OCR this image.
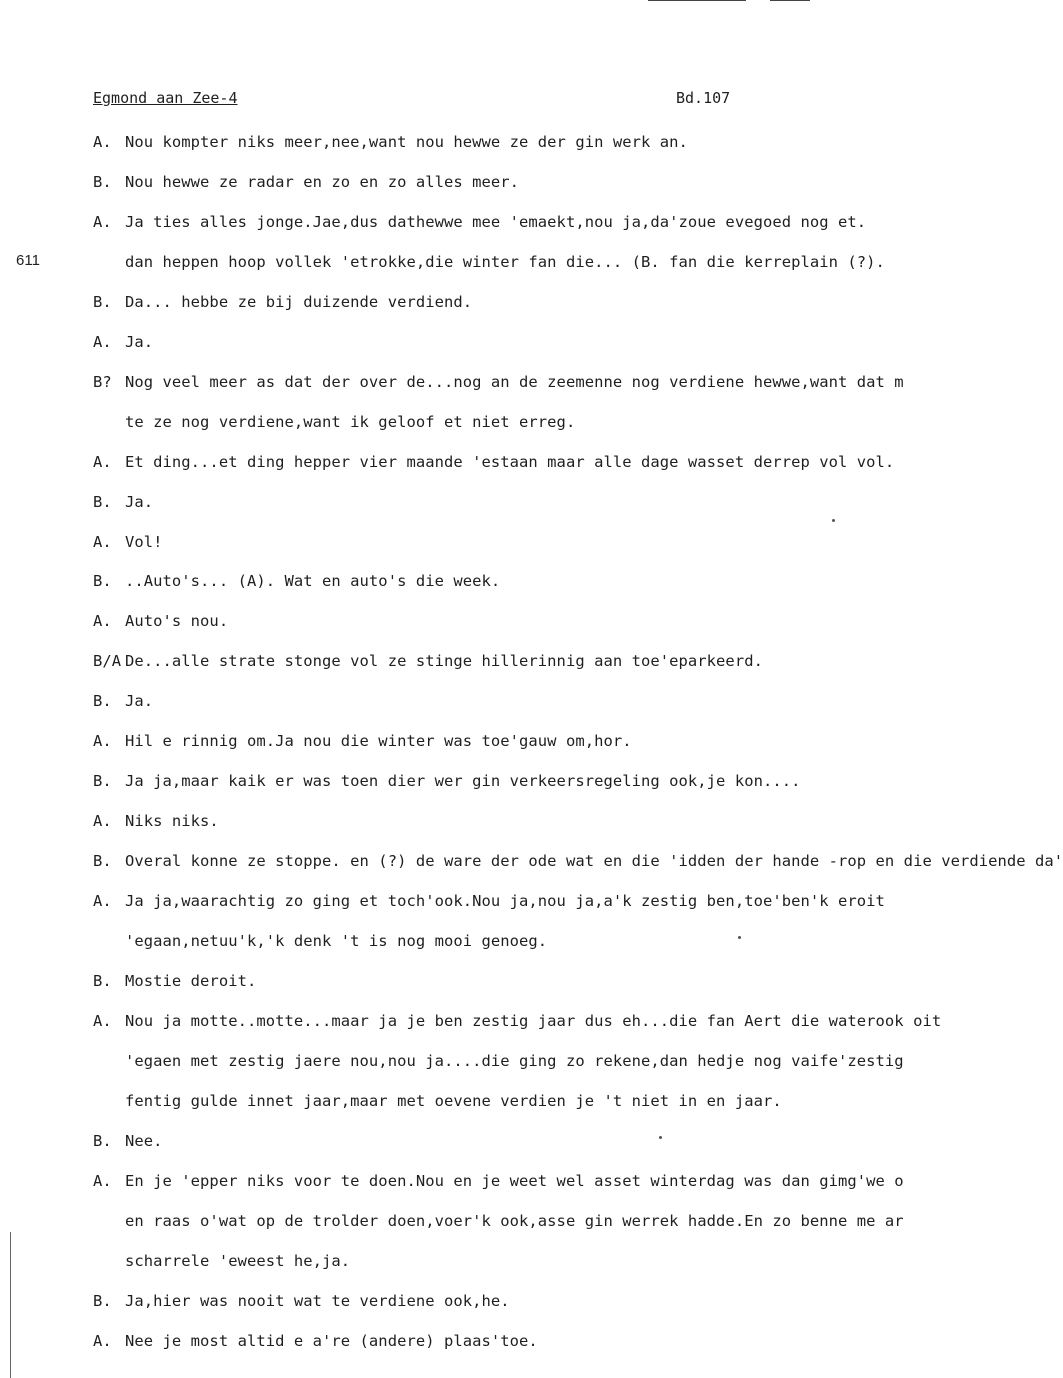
Egmond aan Zee-4	Bd.107
611
A. Nou kompter niks meer,nee,want nou hewwe ze der gin werk an.
B. Nou hewwe ze radar en zo en zo alles meer.
A. Ja ties alles jonge.Jae,dus dathewwe mee 'emaekt,nou ja,da'zoue evegoed nog et.
dan heppen hoop vollek 'etrokke,die winter fan die... (B. fan die kerreplain (?).
B. Da... hebbe ze bij duizende verdiend.
A. Ja.
B? Nog veel meer as dat der over de...nog an de zeemenne nog verdiene hewwe,want dat m
te ze nog verdiene,want ik geloof et niet erreg.
A. Et ding...et ding hepper vier maande 'estaan maar alle dage wasset derrep vol vol.
B. Ja.
A. Vol!
B. ..Auto's... (A). Wat en auto's die week.
A. Auto's nou.
B/A De...alle strate stonge vol ze stinge hillerinnig aan toe'eparkeerd.
B. Ja.
A. Hil e rinnig om.Ja nou die winter was toe'gauw om,hor.
B. Ja ja,maar kaik er was toen dier wer gin verkeersregeling ook,je kon....
A. Niks niks.
B. Overal konne ze stoppe. en (?) de ware der ode wat en die 'idden der hande -rop en die verdiende da'
A. Ja ja,waarachtig zo ging et toch'ook.Nou ja,nou ja,a'k zestig ben,toe'ben'k eroit
'egaan,netuu'k,'k denk 't is nog mooi genoeg.
B. Mostie deroit.
A. Nou ja motte..motte...maar ja je ben zestig jaar dus eh...die fan Aert die waterook oit
'egaen met zestig jaere nou,nou ja....die ging zo rekene,dan hedje nog vaife'zestig
fentig gulde innet jaar,maar met oevene verdien je 't niet in en jaar.
B. Nee.
A. En je 'epper niks voor te doen.Nou en je weet wel asset winterdag was dan gimg'we o
en raas o'wat op de trolder doen,voer'k ook,asse gin werrek hadde.En zo benne me ar
scharrele 'eweest he,ja.
B. Ja,hier was nooit wat te verdiene ook,he.
A. Nee je most altid e a're (andere) plaas'toe.
